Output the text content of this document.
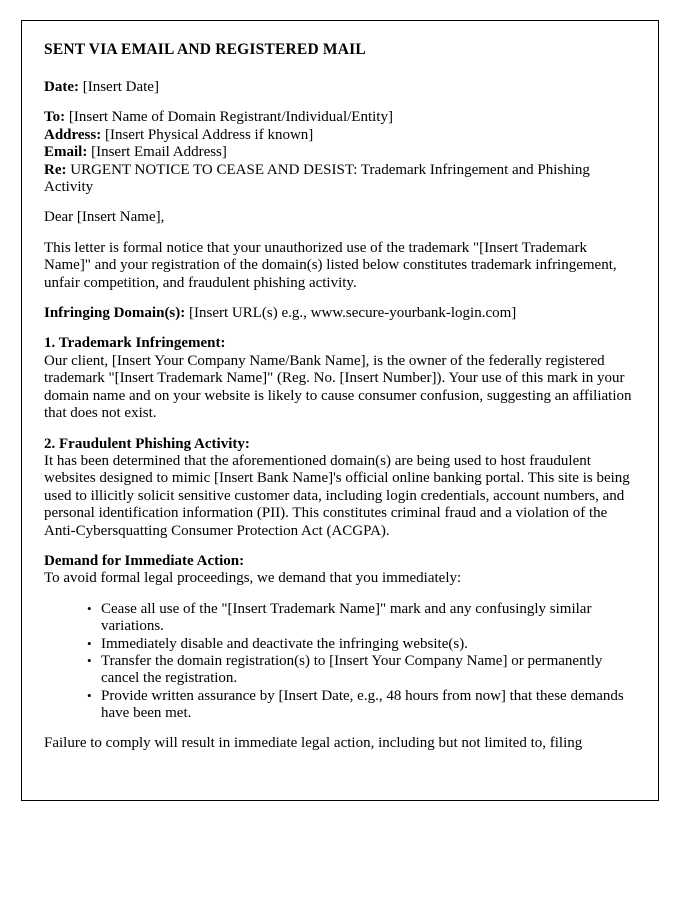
SENT VIA EMAIL AND REGISTERED MAIL
Date: [Insert Date]
To: [Insert Name of Domain Registrant/Individual/Entity]
Address: [Insert Physical Address if known]
Email: [Insert Email Address]
Re: URGENT NOTICE TO CEASE AND DESIST: Trademark Infringement and Phishing Activity

Dear [Insert Name],

This letter is formal notice that your unauthorized use of the trademark "[Insert Trademark Name]" and your registration of the domain(s) listed below constitutes trademark infringement, unfair competition, and fraudulent phishing activity.

Infringing Domain(s): [Insert URL(s) e.g., www.secure-yourbank-login.com]

1. Trademark Infringement:

Our client, [Insert Your Company Name/Bank Name], is the owner of the federally registered trademark "[Insert Trademark Name]" (Reg. No. [Insert Number]). Your use of this mark in your domain name and on your website is likely to cause consumer confusion, suggesting an affiliation that does not exist.

2. Fraudulent Phishing Activity:

It has been determined that the aforementioned domain(s) are being used to host fraudulent websites designed to mimic [Insert Bank Name]'s official online banking portal. This site is being used to illicitly solicit sensitive customer data, including login credentials, account numbers, and personal identification information (PII). This constitutes criminal fraud and a violation of the Anti-Cybersquatting Consumer Protection Act (ACGPA).

Demand for Immediate Action:
To avoid formal legal proceedings, we demand that you immediately:
• Cease all use of the "[Insert Trademark Name]" mark and any confusingly similar variations.
• Immediately disable and deactivate the infringing website(s).
• Transfer the domain registration(s) to [Insert Your Company Name] or permanently cancel the registration.
• Provide written assurance by [Insert Date, e.g., 48 hours from now] that these demands have been met.

Failure to comply will result in immediate legal action, including but not limited to, filing
